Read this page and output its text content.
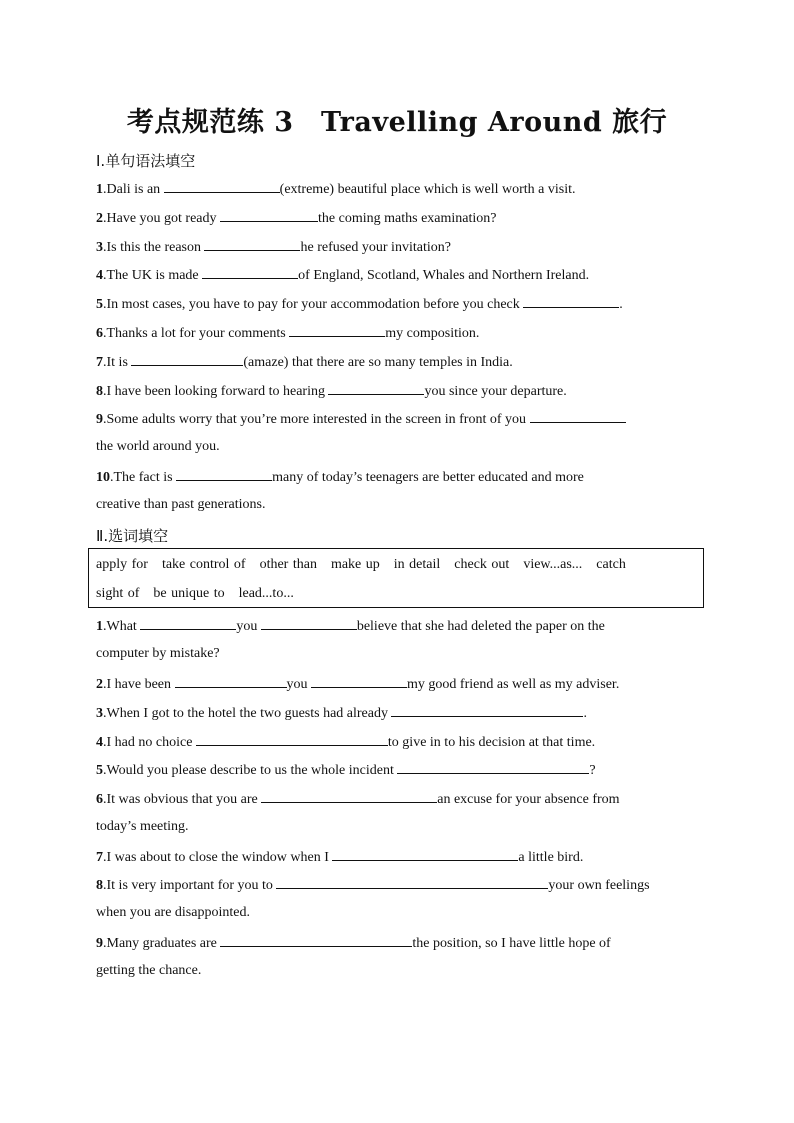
考点规范练 3　Travelling Around 旅行
Ⅰ.单句语法填空
1.Dali is an	(extreme) beautiful place which is well worth a visit.
2.Have you got ready	the coming maths examination?
3.Is this the reason	he refused your invitation?
4.The UK is made	of England, Scotland, Whales and Northern Ireland.
5.In most cases, you have to pay for your accommodation before you check	.
6.Thanks a lot for your comments	my composition.
7.It is	(amaze) that there are so many temples in India.
8.I have been looking forward to hearing	you since your departure.
9.Some adults worry that you’re more interested in the screen in front of you
the world around you.
10.The fact is	many of today’s teenagers are better educated and more
creative than past generations.
Ⅱ.选词填空
apply for take control of other than make up in detail check out view...as... catch
sight of be unique to lead...to...
1.What	you	believe that she had deleted the paper on the
computer by mistake?
2.I have been	you	my good friend as well as my adviser.
3.When I got to the hotel the two guests had already	.
4.I had no choice	to give in to his decision at that time.
5.Would you please describe to us the whole incident	?
6.It was obvious that you are	an excuse for your absence from
today’s meeting.
7.I was about to close the window when I	a little bird.
8.It is very important for you to	your own feelings
when you are disappointed.
9.Many graduates are	the position, so I have little hope of
getting the chance.
